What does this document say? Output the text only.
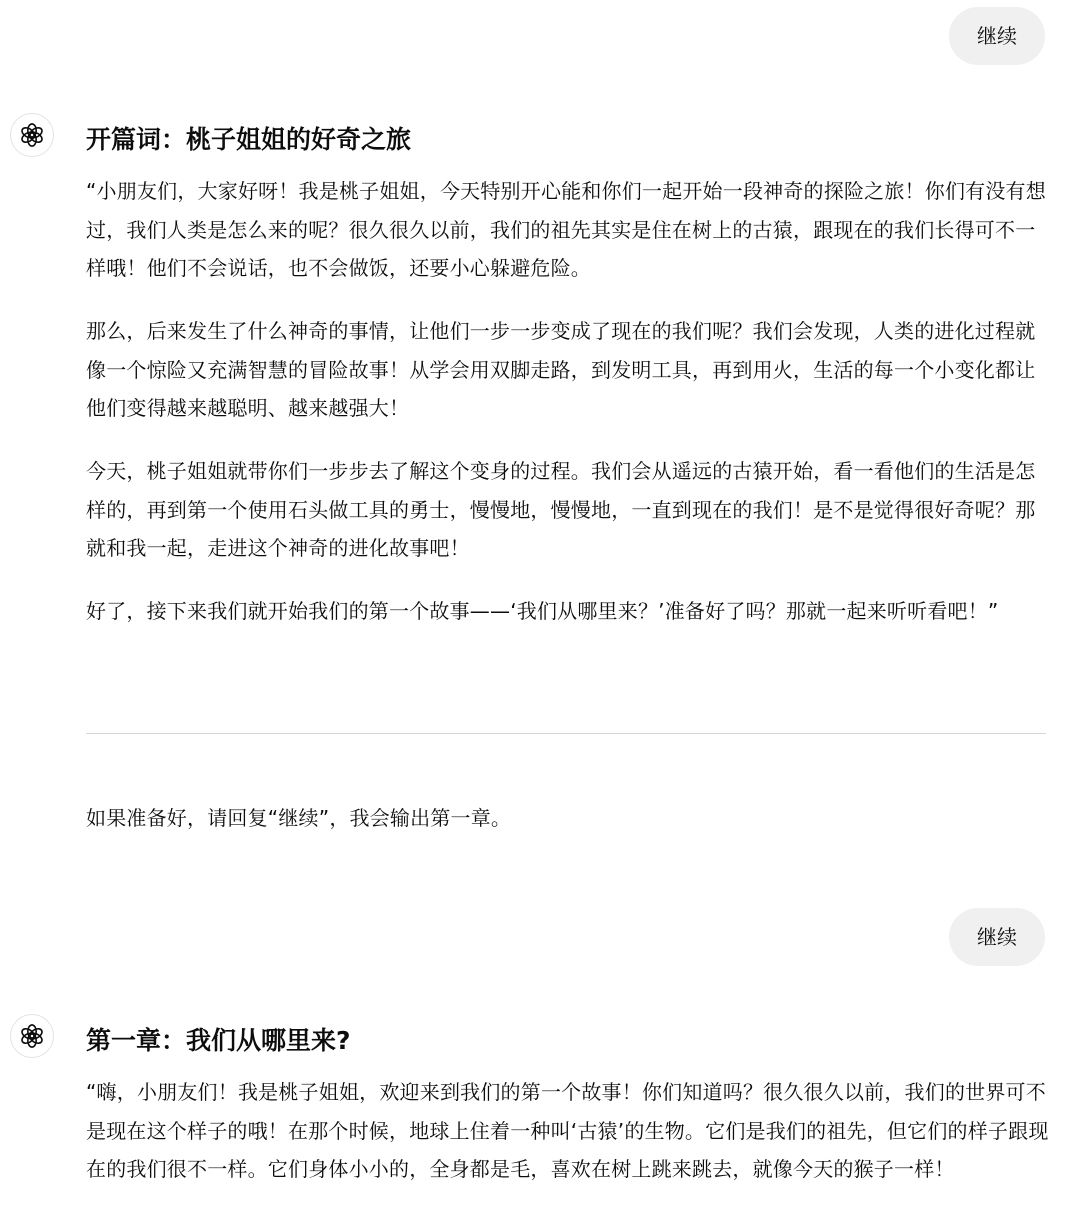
继续
开篇词：桃子姐姐的好奇之旅

“小朋友们，大家好呀！我是桃子姐姐，今天特别开心能和你们一起开始一段神奇的探险之旅！你们有没有想过，我们人类是怎么来的呢？很久很久以前，我们的祖先其实是住在树上的古猿，跟现在的我们长得可不一样哦！他们不会说话，也不会做饭，还要小心躲避危险。

那么，后来发生了什么神奇的事情，让他们一步一步变成了现在的我们呢？我们会发现，人类的进化过程就像一个惊险又充满智慧的冒险故事！从学会用双脚走路，到发明工具，再到用火，生活的每一个小变化都让他们变得越来越聪明、越来越强大！

今天，桃子姐姐就带你们一步步去了解这个变身的过程。我们会从遥远的古猿开始，看一看他们的生活是怎样的，再到第一个使用石头做工具的勇士，慢慢地，慢慢地，一直到现在的我们！是不是觉得很好奇呢？那就和我一起，走进这个神奇的进化故事吧！

好了，接下来我们就开始我们的第一个故事——‘我们从哪里来？’准备好了吗？那就一起来听听看吧！”

如果准备好，请回复“继续”，我会输出第一章。

继续
第一章：我们从哪里来?

“嗨，小朋友们！我是桃子姐姐，欢迎来到我们的第一个故事！你们知道吗？很久很久以前，我们的世界可不是现在这个样子的哦！在那个时候，地球上住着一种叫‘古猿’的生物。它们是我们的祖先，但它们的样子跟现在的我们很不一样。它们身体小小的，全身都是毛，喜欢在树上跳来跳去，就像今天的猴子一样！
